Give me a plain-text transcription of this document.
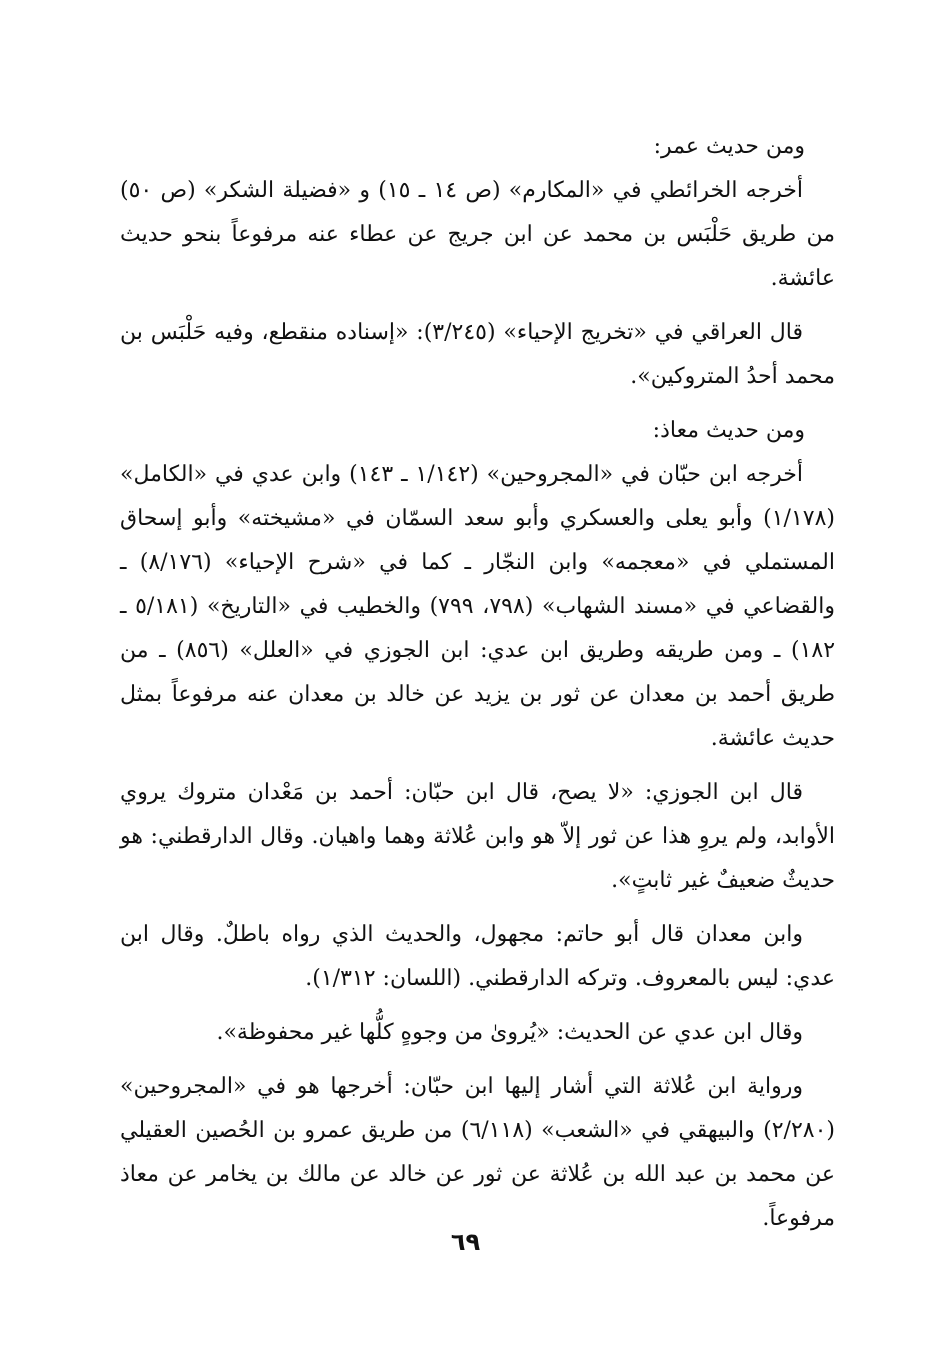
ومن حديث عمر:

أخرجه الخرائطي في «المكارم» (ص ١٤ ـ ١٥) و «فضيلة الشكر» (ص ٥٠) من طريق حَلْبَس بن محمد عن ابن جريج عن عطاء عنه مرفوعاً بنحو حديث عائشة.

قال العراقي في «تخريج الإحياء» (٣/٢٤٥): «إسناده منقطع، وفيه حَلْبَس بن محمد أحدُ المتروكين».

ومن حديث معاذ:

أخرجه ابن حبّان في «المجروحين» (١/١٤٢ ـ ١٤٣) وابن عدي في «الكامل» (١/١٧٨) وأبو يعلى والعسكري وأبو سعد السمّان في «مشيخته» وأبو إسحاق المستملي في «معجمه» وابن النجّار ـ كما في «شرح الإحياء» (٨/١٧٦) ـ والقضاعي في «مسند الشهاب» (٧٩٨، ٧٩٩) والخطيب في «التاريخ» (٥/١٨١ ـ ١٨٢) ـ ومن طريقه وطريق ابن عدي: ابن الجوزي في «العلل» (٨٥٦) ـ من طريق أحمد بن معدان عن ثور بن يزيد عن خالد بن معدان عنه مرفوعاً بمثل حديث عائشة.

قال ابن الجوزي: «لا يصح، قال ابن حبّان: أحمد بن مَعْدان متروك يروي الأوابد، ولم يروِ هذا عن ثور إلاّ هو وابن عُلاثة وهما واهيان. وقال الدارقطني: هو حديثٌ ضعيفٌ غير ثابتٍ».

وابن معدان قال أبو حاتم: مجهول، والحديث الذي رواه باطلٌ. وقال ابن عدي: ليس بالمعروف. وتركه الدارقطني. (اللسان: ١/٣١٢).

وقال ابن عدي عن الحديث: «يُروىٰ من وجوهٍ كلُّها غير محفوظة».

ورواية ابن عُلاثة التي أشار إليها ابن حبّان: أخرجها هو في «المجروحين» (٢/٢٨٠) والبيهقي في «الشعب» (٦/١١٨) من طريق عمرو بن الحُصين العقيلي عن محمد بن عبد الله بن عُلاثة عن ثور عن خالد عن مالك بن يخامر عن معاذ مرفوعاً.

٦٩
